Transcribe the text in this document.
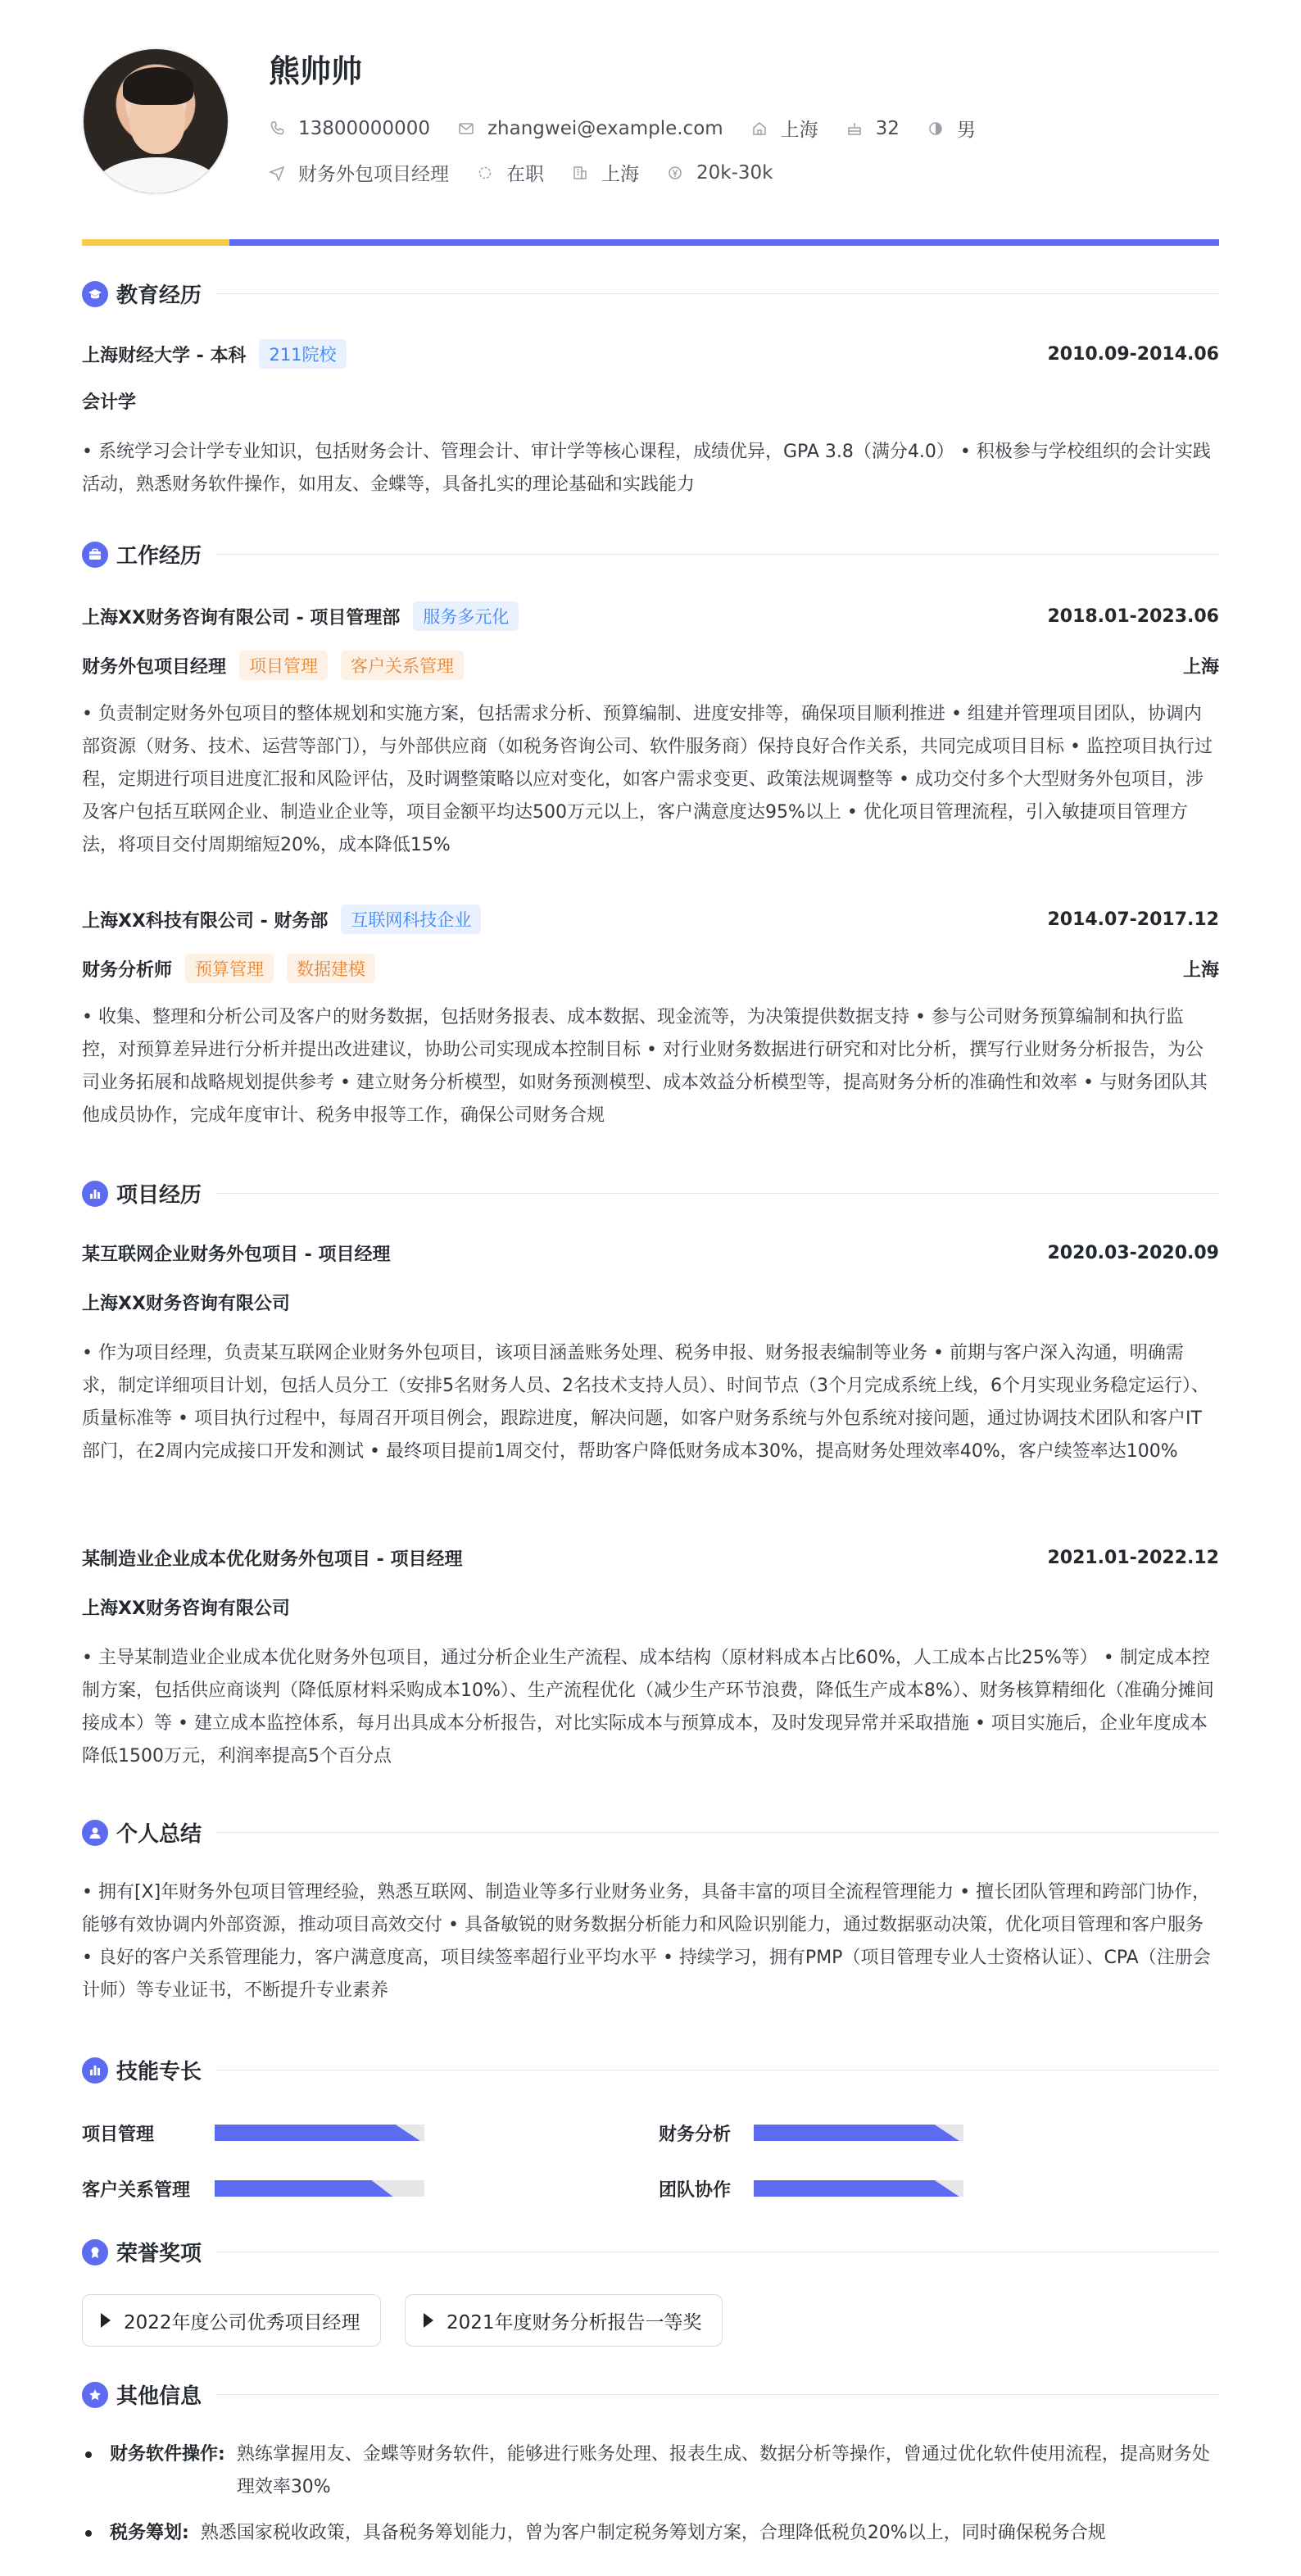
熊帅帅
13800000000	zhangwei@example.com	上海	32	男
财务外包项目经理	在职	上海	20k-30k
教育经历
上海财经大学 - 本科	211院校	2010.09-2014.06
会计学
• 系统学习会计学专业知识，包括财务会计、管理会计、审计学等核心课程，成绩优异，GPA 3.8（满分4.0） • 积极参与学校组织的会计实践活动，熟悉财务软件操作，如用友、金蝶等，具备扎实的理论基础和实践能力
工作经历
上海XX财务咨询有限公司 - 项目管理部	服务多元化	2018.01-2023.06
财务外包项目经理	项目管理	客户关系管理	上海
• 负责制定财务外包项目的整体规划和实施方案，包括需求分析、预算编制、进度安排等，确保项目顺利推进 • 组建并管理项目团队，协调内部资源（财务、技术、运营等部门），与外部供应商（如税务咨询公司、软件服务商）保持良好合作关系，共同完成项目目标 • 监控项目执行过程，定期进行项目进度汇报和风险评估，及时调整策略以应对变化，如客户需求变更、政策法规调整等 • 成功交付多个大型财务外包项目，涉及客户包括互联网企业、制造业企业等，项目金额平均达500万元以上，客户满意度达95%以上 • 优化项目管理流程，引入敏捷项目管理方法，将项目交付周期缩短20%，成本降低15%
上海XX科技有限公司 - 财务部	互联网科技企业	2014.07-2017.12
财务分析师	预算管理	数据建模	上海
• 收集、整理和分析公司及客户的财务数据，包括财务报表、成本数据、现金流等，为决策提供数据支持 • 参与公司财务预算编制和执行监控，对预算差异进行分析并提出改进建议，协助公司实现成本控制目标 • 对行业财务数据进行研究和对比分析，撰写行业财务分析报告，为公司业务拓展和战略规划提供参考 • 建立财务分析模型，如财务预测模型、成本效益分析模型等，提高财务分析的准确性和效率 • 与财务团队其他成员协作，完成年度审计、税务申报等工作，确保公司财务合规
项目经历
某互联网企业财务外包项目 - 项目经理	2020.03-2020.09
上海XX财务咨询有限公司
• 作为项目经理，负责某互联网企业财务外包项目，该项目涵盖账务处理、税务申报、财务报表编制等业务 • 前期与客户深入沟通，明确需求，制定详细项目计划，包括人员分工（安排5名财务人员、2名技术支持人员）、时间节点（3个月完成系统上线，6个月实现业务稳定运行）、质量标准等 • 项目执行过程中，每周召开项目例会，跟踪进度，解决问题，如客户财务系统与外包系统对接问题，通过协调技术团队和客户IT部门，在2周内完成接口开发和测试 • 最终项目提前1周交付，帮助客户降低财务成本30%，提高财务处理效率40%，客户续签率达100%
某制造业企业成本优化财务外包项目 - 项目经理	2021.01-2022.12
上海XX财务咨询有限公司
• 主导某制造业企业成本优化财务外包项目，通过分析企业生产流程、成本结构（原材料成本占比60%，人工成本占比25%等） • 制定成本控制方案，包括供应商谈判（降低原材料采购成本10%）、生产流程优化（减少生产环节浪费，降低生产成本8%）、财务核算精细化（准确分摊间接成本）等 • 建立成本监控体系，每月出具成本分析报告，对比实际成本与预算成本，及时发现异常并采取措施 • 项目实施后，企业年度成本降低1500万元，利润率提高5个百分点
个人总结
• 拥有[X]年财务外包项目管理经验，熟悉互联网、制造业等多行业财务业务，具备丰富的项目全流程管理能力 • 擅长团队管理和跨部门协作，能够有效协调内外部资源，推动项目高效交付 • 具备敏锐的财务数据分析能力和风险识别能力，通过数据驱动决策，优化项目管理和客户服务 • 良好的客户关系管理能力，客户满意度高，项目续签率超行业平均水平 • 持续学习，拥有PMP（项目管理专业人士资格认证）、CPA（注册会计师）等专业证书，不断提升专业素养
技能专长
项目管理	财务分析
客户关系管理	团队协作
荣誉奖项
2022年度公司优秀项目经理	2021年度财务分析报告一等奖
其他信息
财务软件操作: 熟练掌握用友、金蝶等财务软件，能够进行账务处理、报表生成、数据分析等操作，曾通过优化软件使用流程，提高财务处理效率30%
税务筹划: 熟悉国家税收政策，具备税务筹划能力，曾为客户制定税务筹划方案，合理降低税负20%以上，同时确保税务合规
